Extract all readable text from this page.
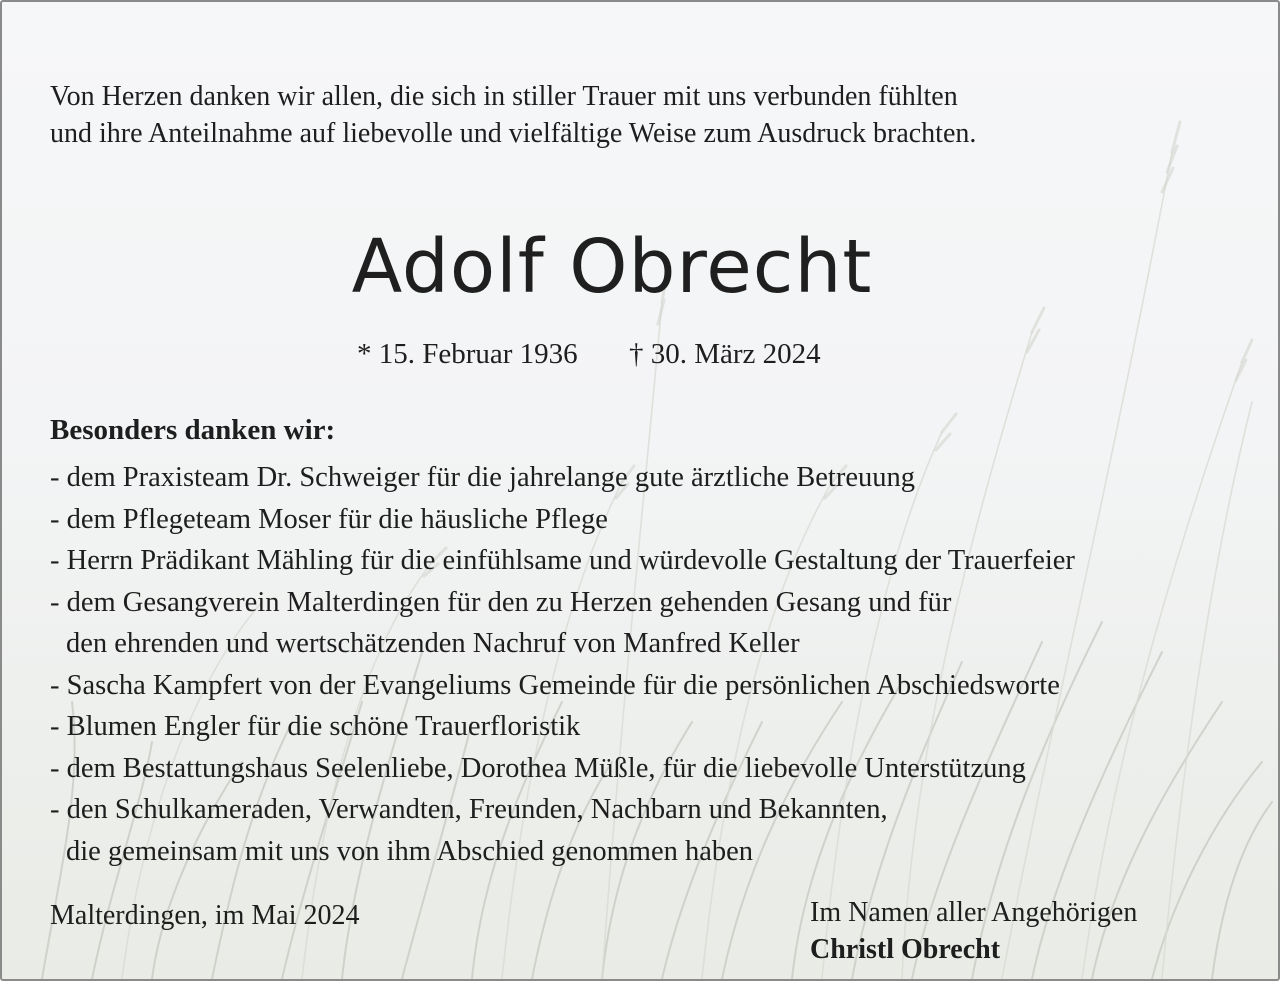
Von Herzen danken wir allen, die sich in stiller Trauer mit uns verbunden fühlten
und ihre Anteilnahme auf liebevolle und vielfältige Weise zum Ausdruck brachten.
Adolf Obrecht
* 15. Februar 1936 † 30. März 2024
Besonders danken wir:
- dem Praxisteam Dr. Schweiger für die jahrelange gute ärztliche Betreuung
- dem Pflegeteam Moser für die häusliche Pflege
- Herrn Prädikant Mähling für die einfühlsame und würdevolle Gestaltung der Trauerfeier
- dem Gesangverein Malterdingen für den zu Herzen gehenden Gesang und für
den ehrenden und wertschätzenden Nachruf von Manfred Keller
- Sascha Kampfert von der Evangeliums Gemeinde für die persönlichen Abschiedsworte
- Blumen Engler für die schöne Trauerfloristik
- dem Bestattungshaus Seelenliebe, Dorothea Müßle, für die liebevolle Unterstützung
- den Schulkameraden, Verwandten, Freunden, Nachbarn und Bekannten,
die gemeinsam mit uns von ihm Abschied genommen haben
Malterdingen, im Mai 2024	Im Namen aller Angehörigen
Christl Obrecht
